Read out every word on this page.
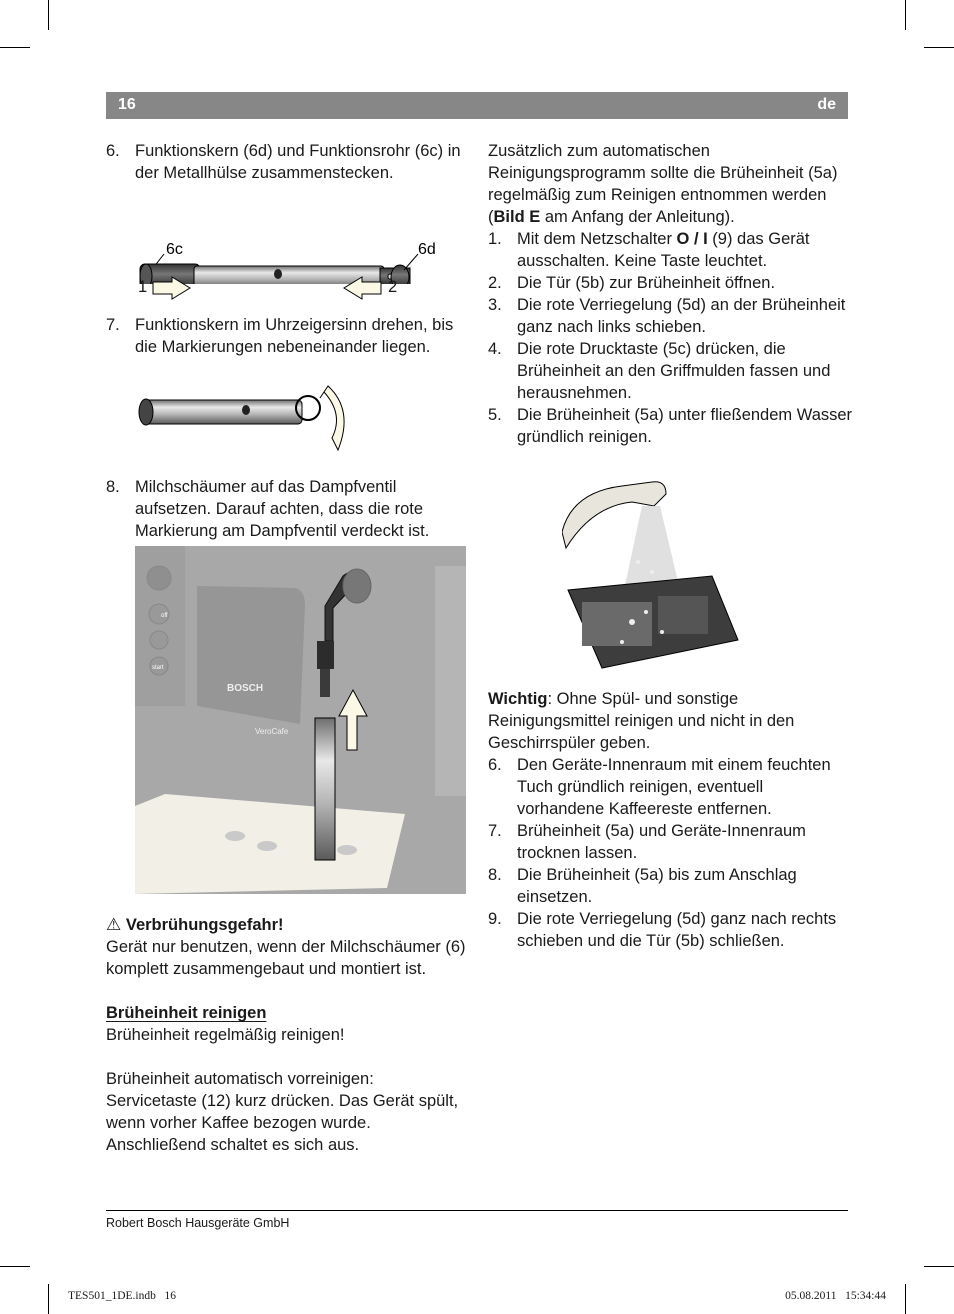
16	de
6. Funktionskern (6d) und Funktionsrohr (6c) in der Metallhülse zusammenstecken.
6c	6d
1	2
7. Funktionskern im Uhrzeigersinn drehen, bis die Markierungen nebeneinander liegen.
8. Milchschäumer auf das Dampfventil aufsetzen. Darauf achten, dass die rote Markierung am Dampfventil verdeckt ist.
off
start
BOSCH
VeroCafe
⚠ Verbrühungsgefahr!
Gerät nur benutzen, wenn der Milchschäumer (6) komplett zusammengebaut und montiert ist.
Brüheinheit reinigen
Brüheinheit regelmäßig reinigen!
Brüheinheit automatisch vorreinigen:
Servicetaste (12) kurz drücken. Das Gerät spült, wenn vorher Kaffee bezogen wurde. Anschließend schaltet es sich aus.

Zusätzlich zum automatischen Reinigungsprogramm sollte die Brüheinheit (5a) regelmäßig zum Reinigen entnommen werden (Bild E am Anfang der Anleitung).

1. Mit dem Netzschalter O / I (9) das Gerät ausschalten. Keine Taste leuchtet.
2. Die Tür (5b) zur Brüheinheit öffnen.
3. Die rote Verriegelung (5d) an der Brüheinheit ganz nach links schieben.
4. Die rote Drucktaste (5c) drücken, die Brüheinheit an den Griffmulden fassen und herausnehmen.
5. Die Brüheinheit (5a) unter fließendem Wasser gründlich reinigen.

Wichtig: Ohne Spül- und sonstige Reinigungsmittel reinigen und nicht in den Geschirrspüler geben.

6. Den Geräte-Innenraum mit einem feuchten Tuch gründlich reinigen, eventuell vorhandene Kaffeereste entfernen.
7. Brüheinheit (5a) und Geräte-Innenraum trocknen lassen.
8. Die Brüheinheit (5a) bis zum Anschlag einsetzen.
9. Die rote Verriegelung (5d) ganz nach rechts schieben und die Tür (5b) schließen.
Robert Bosch Hausgeräte GmbH
TES501_1DE.indb   16	05.08.2011   15:34:44
